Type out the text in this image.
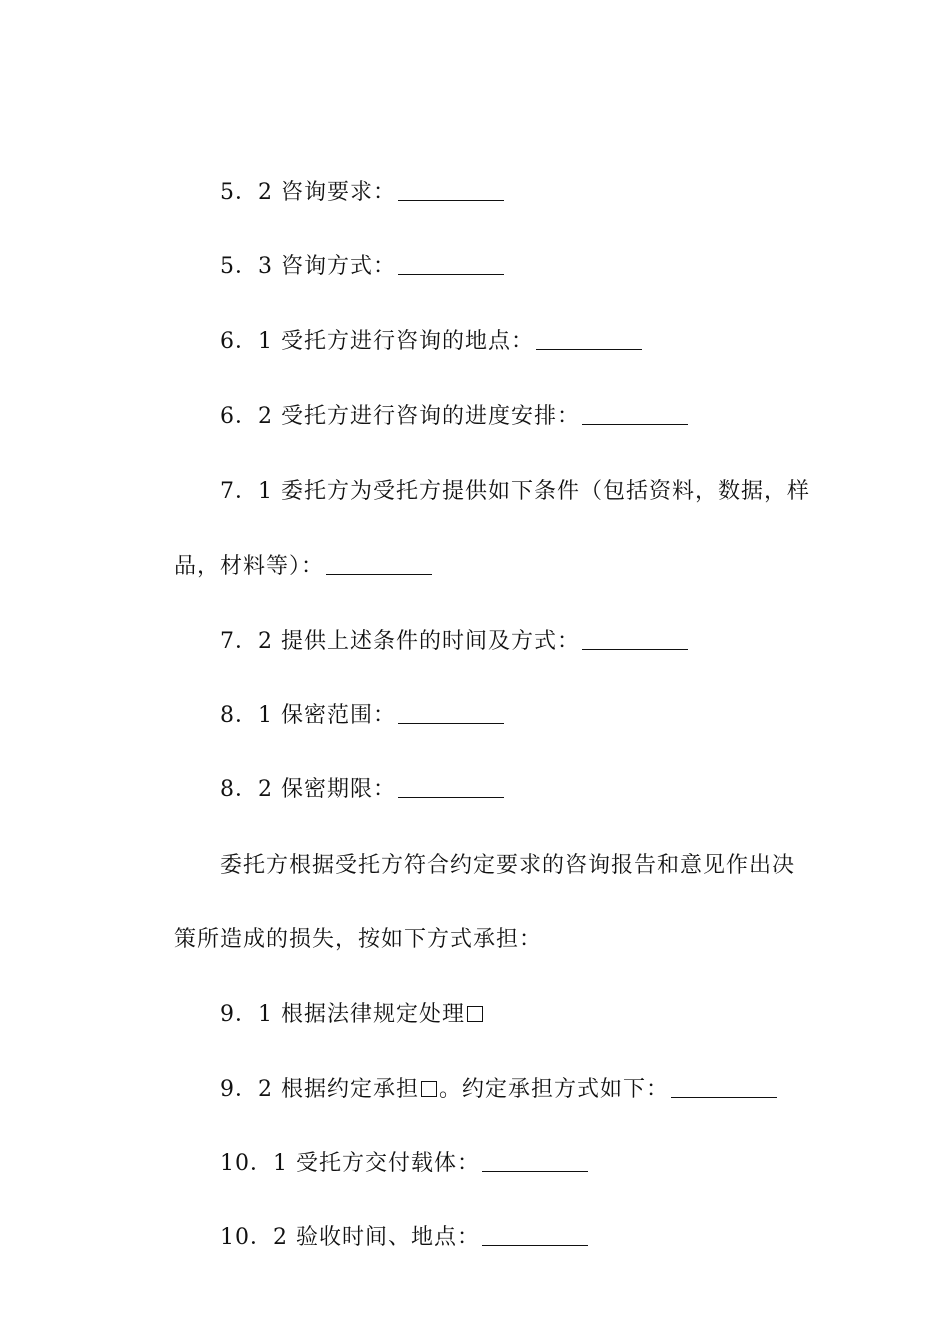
5．2 咨询要求：

5．3 咨询方式：

6．1 受托方进行咨询的地点：

6．2 受托方进行咨询的进度安排：

7．1 委托方为受托方提供如下条件（包括资料，数据，样

品，材料等）：

7．2 提供上述条件的时间及方式：

8．1 保密范围：

8．2 保密期限：

委托方根据受托方符合约定要求的咨询报告和意见作出决

策所造成的损失，按如下方式承担：

9．1 根据法律规定处理

9．2 根据约定承担 。约定承担方式如下：

10．1 受托方交付载体：

10．2 验收时间、地点：
